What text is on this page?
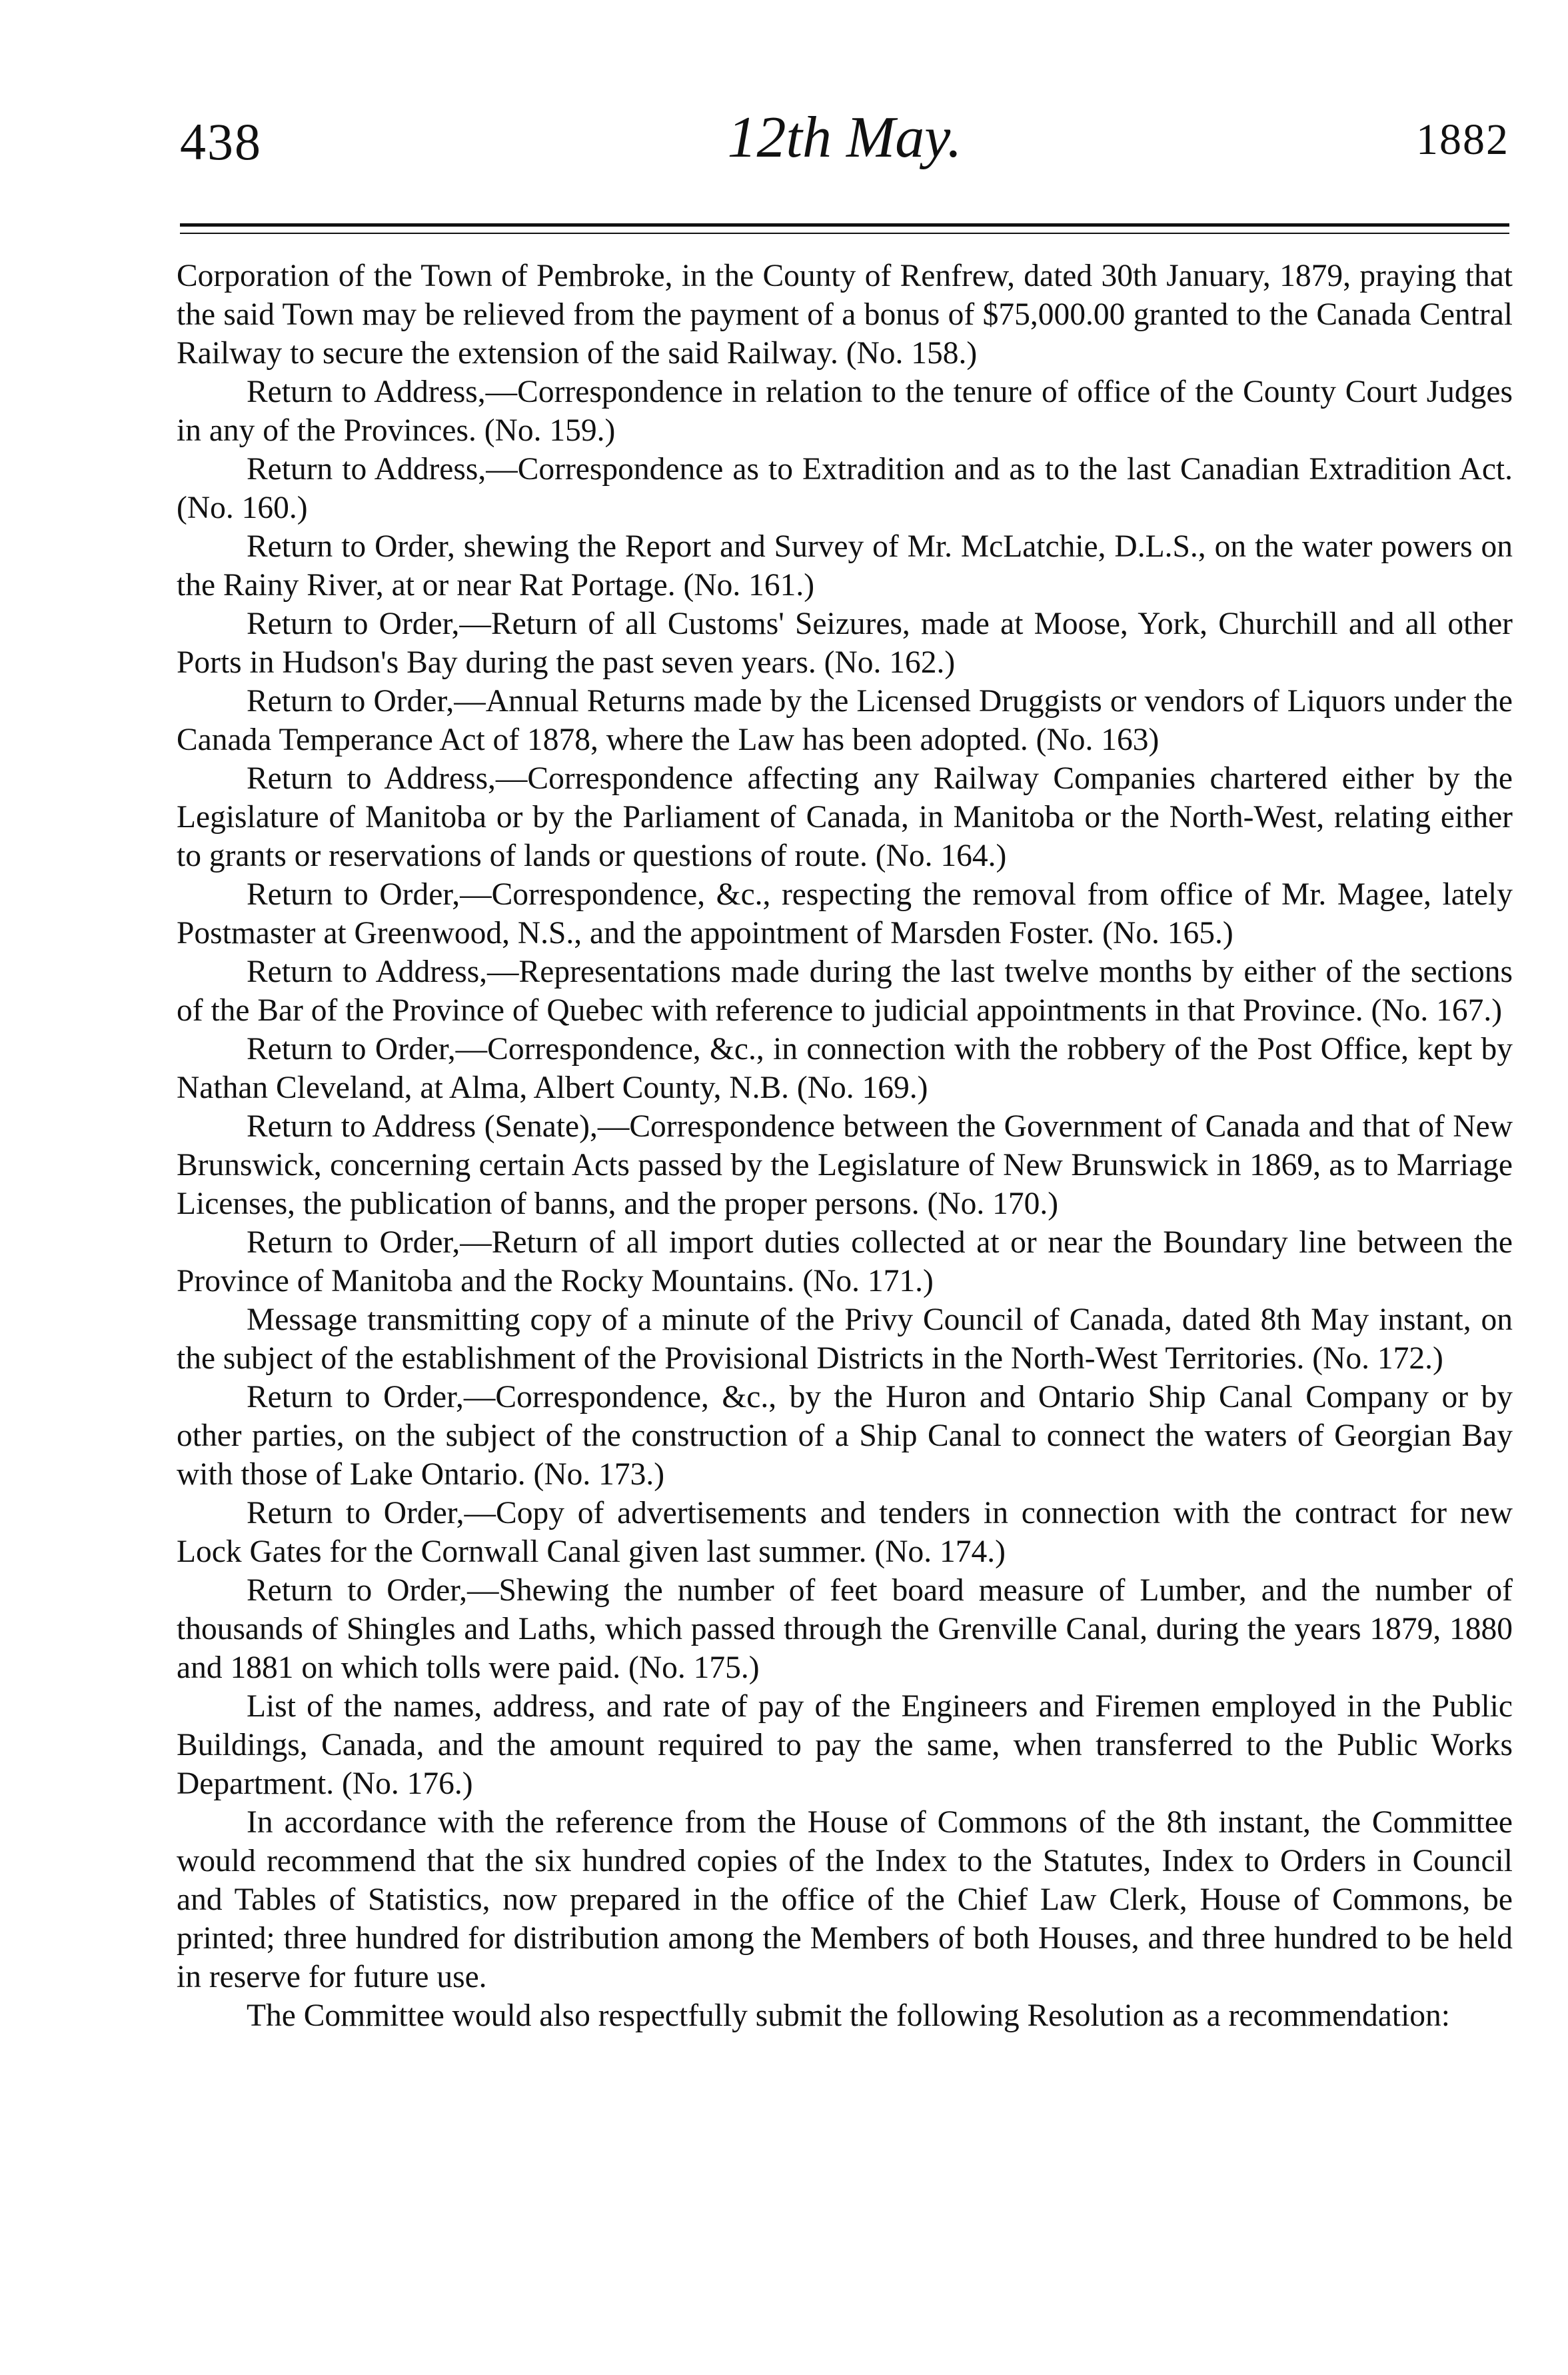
438	12th May.	1882

Corporation of the Town of Pembroke, in the County of Renfrew, dated 30th January, 1879, praying that the said Town may be relieved from the payment of a bonus of $75,000.00 granted to the Canada Central Railway to secure the extension of the said Railway. (No. 158.)

Return to Address,—Correspondence in relation to the tenure of office of the County Court Judges in any of the Provinces. (No. 159.)

Return to Address,—Correspondence as to Extradition and as to the last Canadian Extradition Act. (No. 160.)

Return to Order, shewing the Report and Survey of Mr. McLatchie, D.L.S., on the water powers on the Rainy River, at or near Rat Portage. (No. 161.)

Return to Order,—Return of all Customs' Seizures, made at Moose, York, Churchill and all other Ports in Hudson's Bay during the past seven years. (No. 162.)

Return to Order,—Annual Returns made by the Licensed Druggists or vendors of Liquors under the Canada Temperance Act of 1878, where the Law has been adopted. (No. 163)

Return to Address,—Correspondence affecting any Railway Companies chartered either by the Legislature of Manitoba or by the Parliament of Canada, in Manitoba or the North-West, relating either to grants or reservations of lands or questions of route. (No. 164.)

Return to Order,—Correspondence, &c., respecting the removal from office of Mr. Magee, lately Postmaster at Greenwood, N.S., and the appointment of Marsden Foster. (No. 165.)

Return to Address,—Representations made during the last twelve months by either of the sections of the Bar of the Province of Quebec with reference to judicial appointments in that Province. (No. 167.)

Return to Order,—Correspondence, &c., in connection with the robbery of the Post Office, kept by Nathan Cleveland, at Alma, Albert County, N.B. (No. 169.)

Return to Address (Senate),—Correspondence between the Government of Canada and that of New Brunswick, concerning certain Acts passed by the Legislature of New Brunswick in 1869, as to Marriage Licenses, the publication of banns, and the proper persons. (No. 170.)

Return to Order,—Return of all import duties collected at or near the Boundary line between the Province of Manitoba and the Rocky Mountains. (No. 171.)

Message transmitting copy of a minute of the Privy Council of Canada, dated 8th May instant, on the subject of the establishment of the Provisional Districts in the North-West Territories. (No. 172.)

Return to Order,—Correspondence, &c., by the Huron and Ontario Ship Canal Company or by other parties, on the subject of the construction of a Ship Canal to connect the waters of Georgian Bay with those of Lake Ontario. (No. 173.)

Return to Order,—Copy of advertisements and tenders in connection with the contract for new Lock Gates for the Cornwall Canal given last summer. (No. 174.)

Return to Order,—Shewing the number of feet board measure of Lumber, and the number of thousands of Shingles and Laths, which passed through the Grenville Canal, during the years 1879, 1880 and 1881 on which tolls were paid. (No. 175.)

List of the names, address, and rate of pay of the Engineers and Firemen employed in the Public Buildings, Canada, and the amount required to pay the same, when transferred to the Public Works Department. (No. 176.)

In accordance with the reference from the House of Commons of the 8th instant, the Committee would recommend that the six hundred copies of the Index to the Statutes, Index to Orders in Council and Tables of Statistics, now prepared in the office of the Chief Law Clerk, House of Commons, be printed; three hundred for distribution among the Members of both Houses, and three hundred to be held in reserve for future use.

The Committee would also respectfully submit the following Resolution as a recommendation:
